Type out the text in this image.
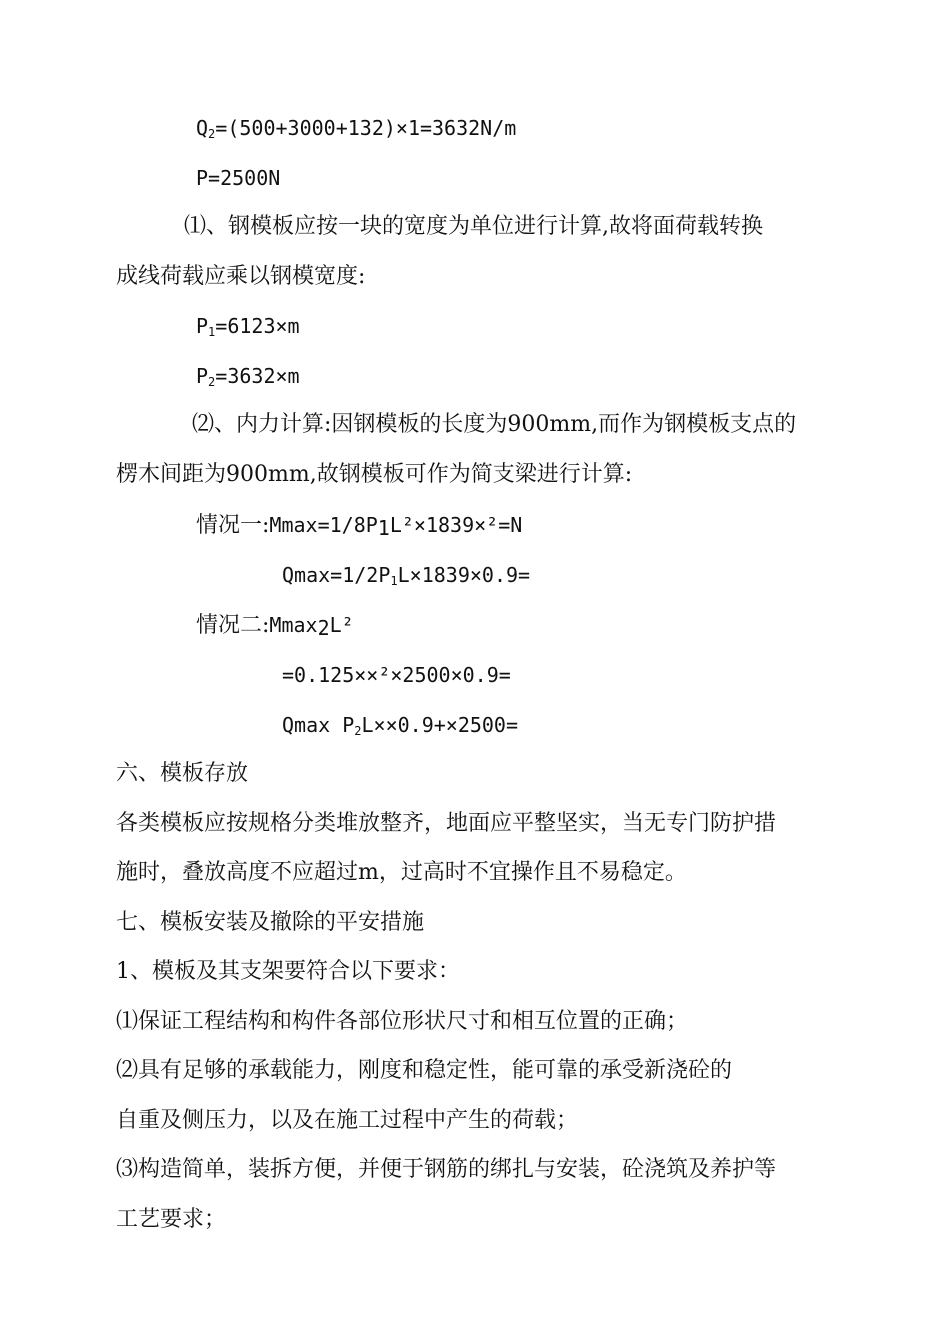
$Q_2=(500+3000+132)\times 1=3632N/m$
P=2500N
⑴、钢模板应按一块的宽度为单位进行计算,故将面荷载转换
成线荷载应乘以钢模宽度:
$P_1=6123\times m$
$P_2=3632\times m$
⑵、内力计算:因钢模板的长度为900mm,而作为钢模板支点的
楞木间距为900mm,故钢模板可作为简支梁进行计算:
情况一$:Mmax=1/8P_1L^2\times 1839\times^2=N$
$Qmax=1/2P_1L\times 1839\times 0.9=$
情况二:Mmax$_2$L²
=0.125××²×2500×0.9=
Qmax $P_2L\times\times 0.9+\times 2500=$
六、模板存放
各类模板应按规格分类堆放整齐，地面应平整坚实，当无专门防护措
施时，叠放高度不应超过m，过高时不宜操作且不易稳定。
七、模板安装及撤除的平安措施
1、模板及其支架要符合以下要求：
⑴保证工程结构和构件各部位形状尺寸和相互位置的正确；
⑵具有足够的承载能力，刚度和稳定性，能可靠的承受新浇砼的
自重及侧压力，以及在施工过程中产生的荷载；
⑶构造简单，装拆方便，并便于钢筋的绑扎与安装，砼浇筑及养护等
工艺要求；
